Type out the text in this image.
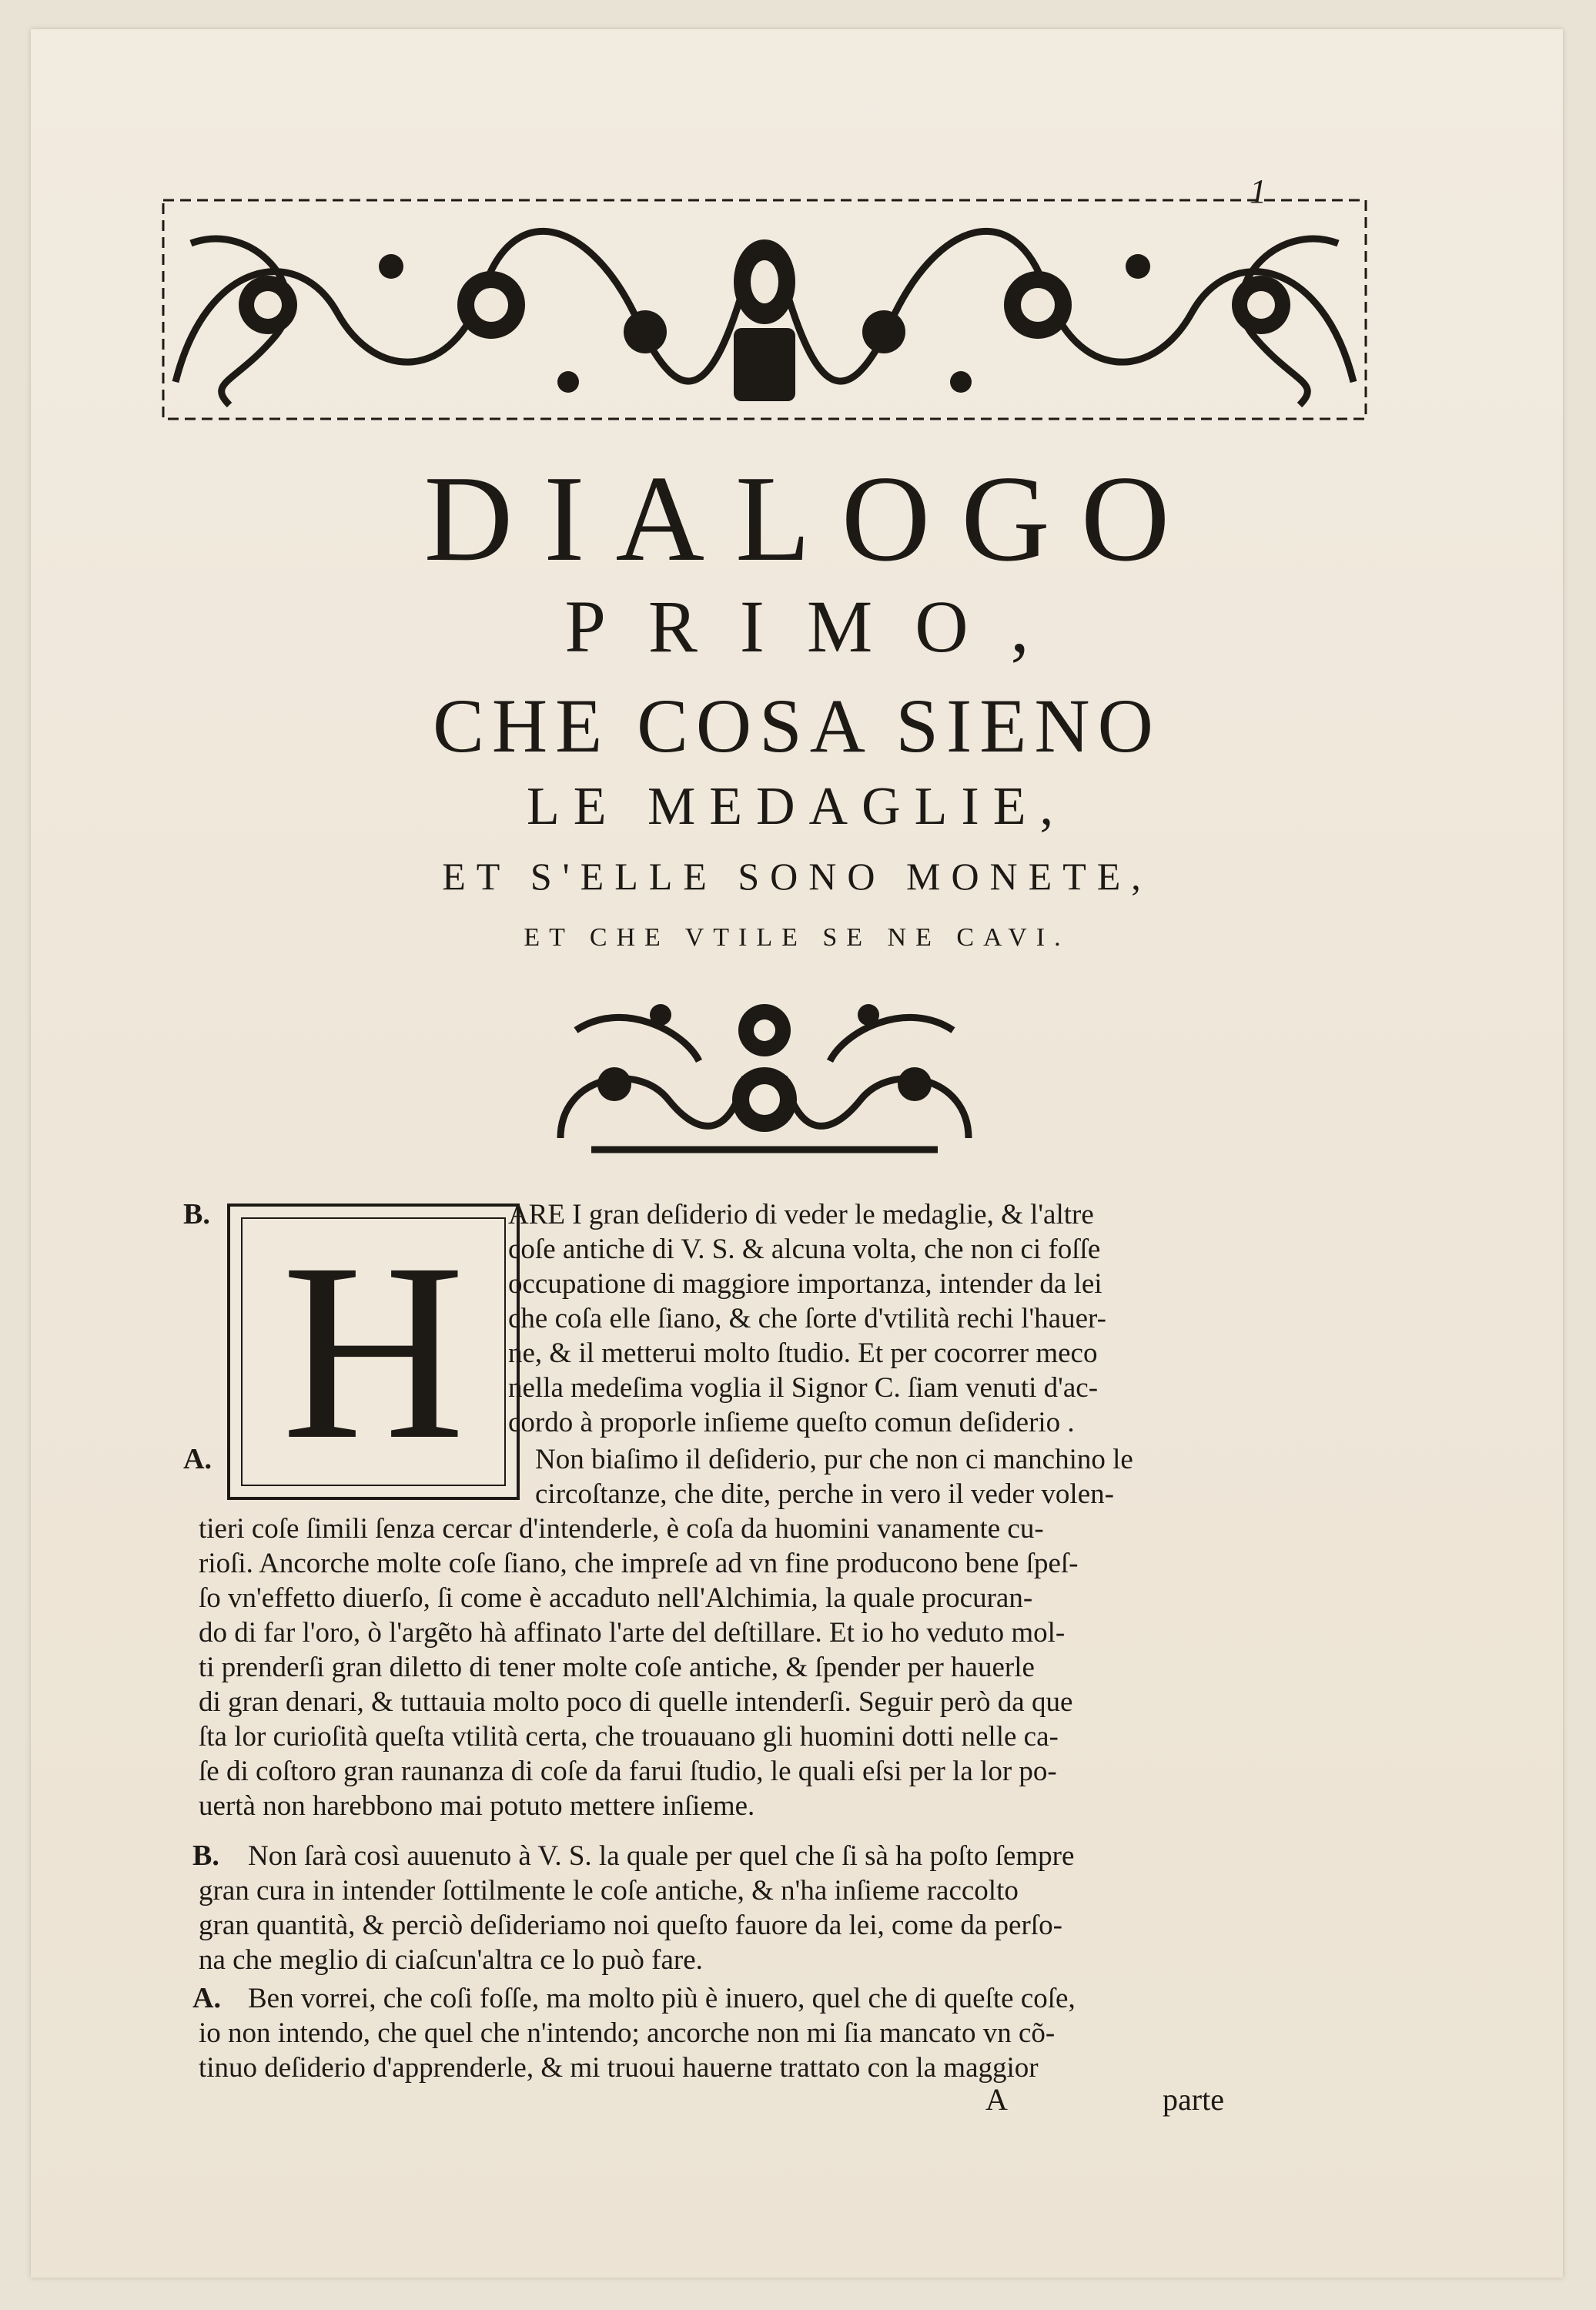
1
DIALOGO
PRIMO,
CHE COSA SIENO
LE MEDAGLIE,
ET S'ELLE SONO MONETE,
ET CHE VTILE SE NE CAVI.
H
B.
A.
B.
A.
ARE I gran deſiderio di veder le medaglie, & l'altre
coſe antiche di V. S. & alcuna volta, che non ci foſſe
occupatione di maggiore importanza, intender da lei
che coſa elle ſiano, & che ſorte d'vtilità rechi l'hauer-
ne, & il metterui molto ſtudio. Et per cocorrer meco
nella medeſima voglia il Signor C. ſiam venuti d'ac-
cordo à proporle inſieme queſto comun deſiderio .
Non biaſimo il deſiderio, pur che non ci manchino le
circoſtanze, che dite, perche in vero il veder volen-
tieri coſe ſimili ſenza cercar d'intenderle, è coſa da huomini vanamente cu-
rioſi. Ancorche molte coſe ſiano, che impreſe ad vn fine producono bene ſpeſ-
ſo vn'effetto diuerſo, ſi come è accaduto nell'Alchimia, la quale procuran-
do di far l'oro, ò l'argẽto hà affinato l'arte del deſtillare. Et io ho veduto mol-
ti prenderſi gran diletto di tener molte coſe antiche, & ſpender per hauerle
di gran denari, & tuttauia molto poco di quelle intenderſi. Seguir però da que
ſta lor curioſità queſta vtilità certa, che trouauano gli huomini dotti nelle ca-
ſe di coſtoro gran raunanza di coſe da farui ſtudio, le quali eſsi per la lor po-
uertà non harebbono mai potuto mettere inſieme.
Non ſarà così auuenuto à V. S. la quale per quel che ſi sà ha poſto ſempre
gran cura in intender ſottilmente le coſe antiche, & n'ha inſieme raccolto
gran quantità, & perciò deſideriamo noi queſto fauore da lei, come da perſo-
na che meglio di ciaſcun'altra ce lo può fare.
Ben vorrei, che coſi foſſe, ma molto più è inuero, quel che di queſte coſe,
io non intendo, che quel che n'intendo; ancorche non mi ſia mancato vn cõ-
tinuo deſiderio d'apprenderle, & mi truoui hauerne trattato con la maggior
A	parte
